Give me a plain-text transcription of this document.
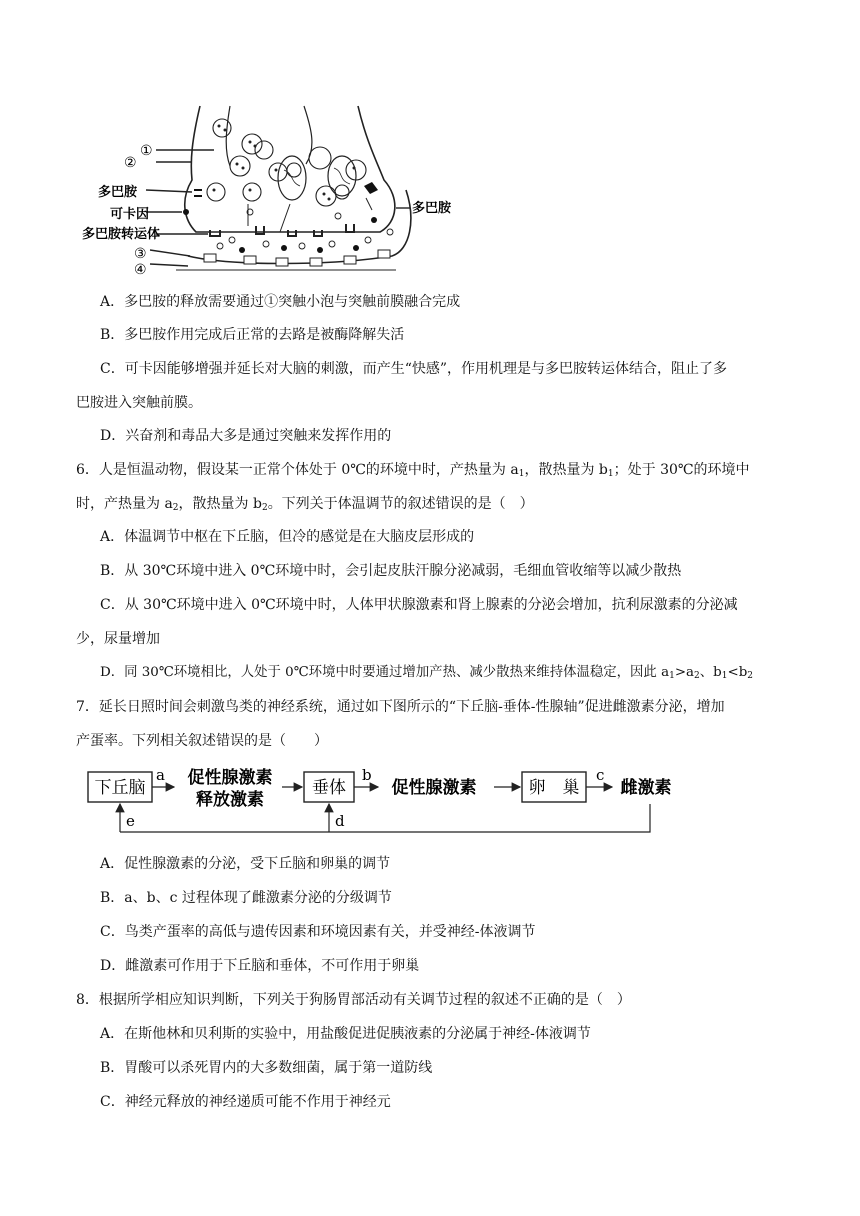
①
②
多巴胺
可卡因
多巴胺转运体
③
④
多巴胺
A．多巴胺的释放需要通过①突触小泡与突触前膜融合完成
B．多巴胺作用完成后正常的去路是被酶降解失活
C．可卡因能够增强并延长对大脑的刺激，而产生“快感”，作用机理是与多巴胺转运体结合，阻止了多
巴胺进入突触前膜。
D．兴奋剂和毒品大多是通过突触来发挥作用的
6．人是恒温动物，假设某一正常个体处于 0℃的环境中时，产热量为 $a_1$，散热量为 $b_1$；处于 30℃的环境中
时，产热量为 $a_2$，散热量为 $b_2$。下列关于体温调节的叙述错误的是（　）
A．体温调节中枢在下丘脑，但冷的感觉是在大脑皮层形成的
B．从 30℃环境中进入 0℃环境中时，会引起皮肤汗腺分泌减弱，毛细血管收缩等以减少散热
C．从 30℃环境中进入 0℃环境中时，人体甲状腺激素和肾上腺素的分泌会增加，抗利尿激素的分泌减
少，尿量增加
D．同 30℃环境相比，人处于 0℃环境中时要通过增加产热、减少散热来维持体温稳定，因此 $a_1>a_2$、$b_1<b_2$
7．延长日照时间会刺激鸟类的神经系统，通过如下图所示的“下丘脑-垂体-性腺轴”促进雌激素分泌，增加
产蛋率。下列相关叙述错误的是（　　）
下丘脑
a 促性腺激素
释放激素
垂体
b
促性腺激素	卵　巢
c
雌激素
e	d
A．促性腺激素的分泌，受下丘脑和卵巢的调节
B．a、b、c 过程体现了雌激素分泌的分级调节
C．鸟类产蛋率的高低与遗传因素和环境因素有关，并受神经-体液调节
D．雌激素可作用于下丘脑和垂体，不可作用于卵巢
8．根据所学相应知识判断，下列关于狗肠胃部活动有关调节过程的叙述不正确的是（　）
A．在斯他林和贝利斯的实验中，用盐酸促进促胰液素的分泌属于神经-体液调节
B．胃酸可以杀死胃内的大多数细菌，属于第一道防线
C．神经元释放的神经递质可能不作用于神经元
